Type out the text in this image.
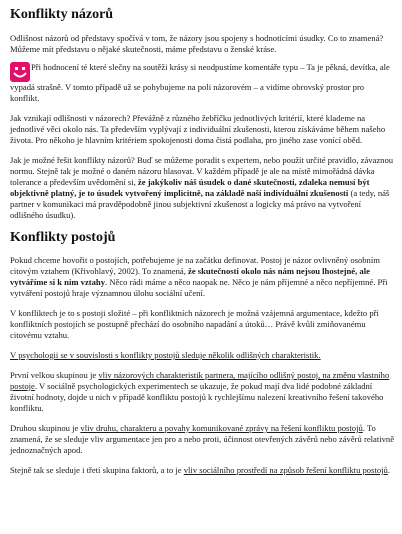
Konflikty názorů

Odlišnost názorů od představy spočívá v tom, že názory jsou spojeny s hodnoticími úsudky. Co to znamená? Můžeme mít představu o nějaké skutečnosti, máme představu o ženské kráse.

Při hodnocení té které slečny na soutěži krásy si neodpustíme komentáře typu – Ta je pěkná, devítka, ale vypadá strašně. V tomto případě už se pohybujeme na poli názorovém – a vidíme obrovský prostor pro konflikt.

Jak vznikají odlišnosti v názorech? Převážně z různého žebříčku jednotlivých kritérií, které klademe na jednotlivé věci okolo nás. Ta především vyplývají z individuální zkušenosti, kterou získáváme během našeho života. Pro někoho je hlavním kritériem spokojenosti doma čistá podlaha, pro jiného zase vonící oběd.

Jak je možné řešit konflikty názorů? Buď se můžeme poradit s expertem, nebo použít určité pravidlo, závaznou normu. Stejně tak je možné o daném názoru hlasovat. V každém případě je ale na místě mimořádná dávka tolerance a především uvědomění si, že jakýkoliv náš úsudek o dané skutečnosti, zdaleka nemusí být objektivně platný, je to úsudek vytvořený implicitně, na základě naší individuální zkušenosti (a tedy, náš partner v komunikaci má pravděpodobně jinou subjektivní zkušenost a logicky má právo na vytvoření odlišného úsudku).

Konflikty postojů

Pokud chceme hovořit o postojích, potřebujeme je na začátku definovat. Postoj je názor ovlivněný osobním citovým vztahem (Křivohlavý, 2002). To znamená, že skutečnosti okolo nás nám nejsou lhostejné, ale vytváříme si k nim vztahy. Něco rádi máme a něco naopak ne. Něco je nám příjemné a něco nepříjemné. Při vytváření postojů hraje významnou úlohu sociální učení.

V konfliktech je to s postoji složité – při konfliktních názorech je možná vzájemná argumentace, kdežto při konfliktních postojích se postupně přechází do osobního napadání a útoků… Právě kvůli zmiňovanému citovému vztahu.

V psychologii se v souvislosti s konflikty postojů sleduje několik odlišných charakteristik.

První velkou skupinou je vliv názorových charakteristik partnera, majícího odlišný postoj, na změnu vlastního postoje. V sociálně psychologických experimentech se ukazuje, že pokud mají dva lidé podobné základní životní hodnoty, dojde u nich v případě konfliktu postojů k rychlejšímu nalezení kreativního řešení takového konfliktu.

Druhou skupinou je vliv druhu, charakteru a povahy komunikované zprávy na řešení konfliktu postojů. To znamená, že se sleduje vliv argumentace jen pro a nebo proti, účinnost otevřených závěrů nebo závěrů relativně jednoznačných apod.

Stejně tak se sleduje i třetí skupina faktorů, a to je vliv sociálního prostředí na způsob řešení konfliktu postojů.
